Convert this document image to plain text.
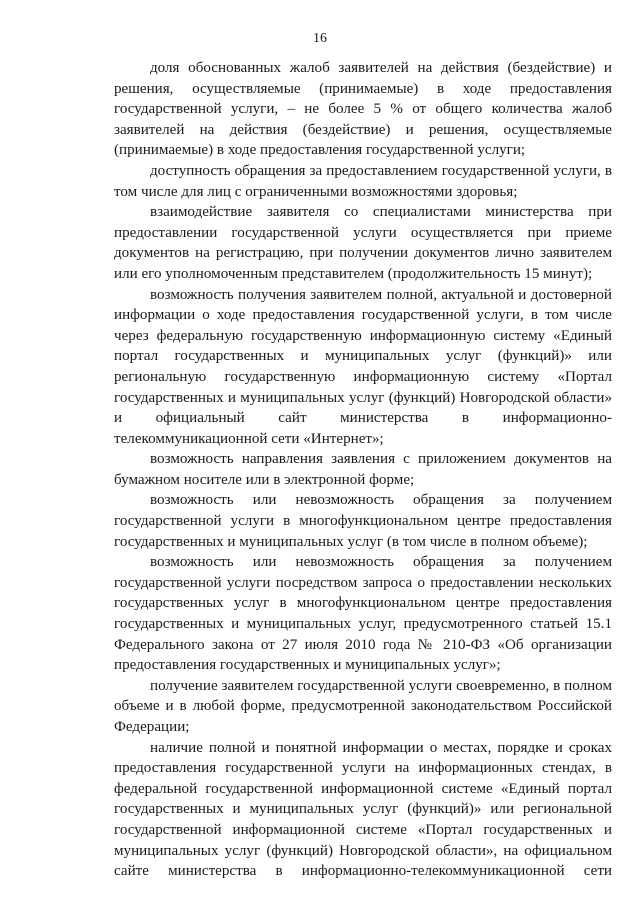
16

доля обоснованных жалоб заявителей на действия (бездействие) и решения, осуществляемые (принимаемые) в ходе предоставления государственной услуги, – не более 5 % от общего количества жалоб заявителей на действия (бездействие) и решения, осуществляемые (принимаемые) в ходе предоставления государственной услуги;

доступность обращения за предоставлением государственной услуги, в том числе для лиц с ограниченными возможностями здоровья;

взаимодействие заявителя со специалистами министерства при предоставлении государственной услуги осуществляется при приеме документов на регистрацию, при получении документов лично заявителем или его уполномоченным представителем (продолжительность 15 минут);

возможность получения заявителем полной, актуальной и достоверной информации о ходе предоставления государственной услуги, в том числе через федеральную государственную информационную систему «Единый портал государственных и муниципальных услуг (функций)» или региональную государственную информационную систему «Портал государственных и муниципальных услуг (функций) Новгородской области» и официальный сайт министерства в информационно-телекоммуникационной сети «Интернет»;

возможность направления заявления с приложением документов на бумажном носителе или в электронной форме;

возможность или невозможность обращения за получением государственной услуги в многофункциональном центре предоставления государственных и муниципальных услуг (в том числе в полном объеме);

возможность или невозможность обращения за получением государственной услуги посредством запроса о предоставлении нескольких государственных услуг в многофункциональном центре предоставления государственных и муниципальных услуг, предусмотренного статьей 15.1 Федерального закона от 27 июля 2010 года № 210-ФЗ «Об организации предоставления государственных и муниципальных услуг»;

получение заявителем государственной услуги своевременно, в полном объеме и в любой форме, предусмотренной законодательством Российской Федерации;

наличие полной и понятной информации о местах, порядке и сроках предоставления государственной услуги на информационных стендах, в федеральной государственной информационной системе «Единый портал государственных и муниципальных услуг (функций)» или региональной государственной информационной системе «Портал государственных и муниципальных услуг (функций) Новгородской области», на официальном сайте министерства в информационно-телекоммуникационной сети
